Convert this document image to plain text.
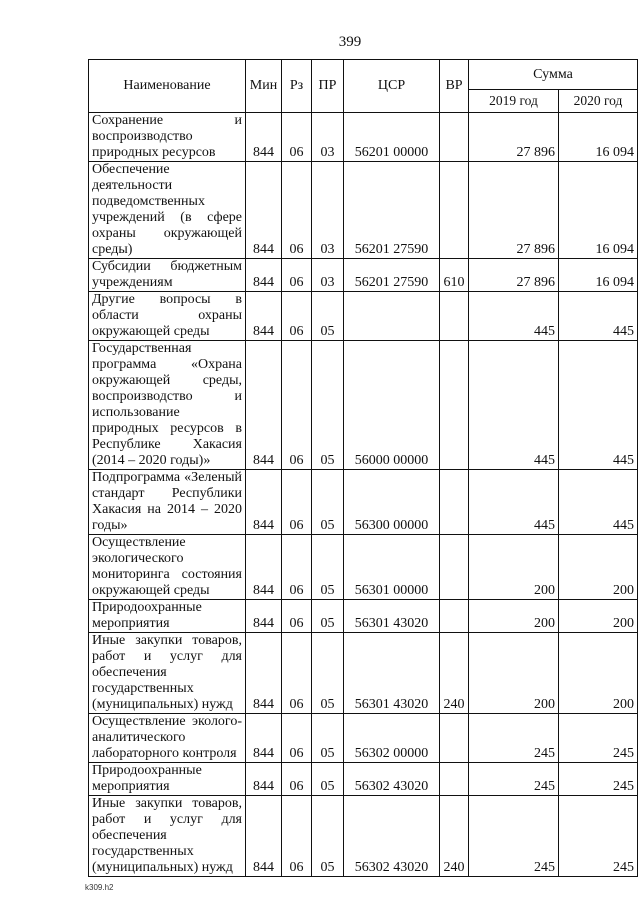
399
Наименование	Мин	Рз	ПР	ЦСР	ВР	Сумма	
						2019 год	2020 год
Сохранение и воспроизводство природных ресурсов	844	06	03	56201 00000		27 896	16 094
Обеспечение деятельности подведомственных учреждений (в сфере охраны окружающей среды)	844	06	03	56201 27590		27 896	16 094
Субсидии бюджетным учреждениям	844	06	03	56201 27590	610	27 896	16 094
Другие вопросы в области охраны окружающей среды	844	06	05			445	445
Государственная программа «Охрана окружающей среды, воспроизводство и использование природных ресурсов в Республике Хакасия (2014 – 2020 годы)»	844	06	05	56000 00000		445	445
Подпрограмма «Зеленый стандарт Республики Хакасия на 2014 – 2020 годы»	844	06	05	56300 00000		445	445
Осуществление экологического мониторинга состояния окружающей среды	844	06	05	56301 00000		200	200
Природоохранные мероприятия	844	06	05	56301 43020		200	200
Иные закупки товаров, работ и услуг для обеспечения государственных (муниципальных) нужд	844	06	05	56301 43020	240	200	200
Осуществление эколого-аналитического лабораторного контроля	844	06	05	56302 00000		245	245
Природоохранные мероприятия	844	06	05	56302 43020		245	245
Иные закупки товаров, работ и услуг для обеспечения государственных (муниципальных) нужд	844	06	05	56302 43020	240	245	245
k309.h2
